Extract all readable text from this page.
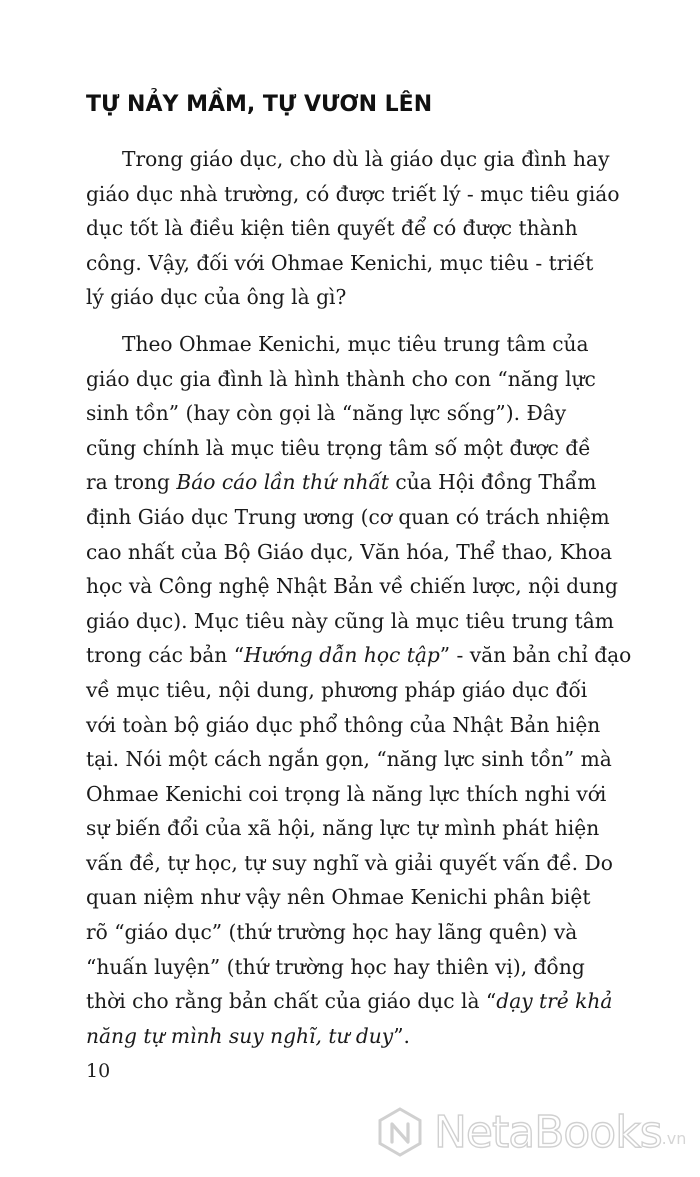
TỰ NẢY MẦM, TỰ VƯƠN LÊN
Trong giáo dục, cho dù là giáo dục gia đình hay
giáo dục nhà trường, có được triết lý - mục tiêu giáo
dục tốt là điều kiện tiên quyết để có được thành
công. Vậy, đối với Ohmae Kenichi, mục tiêu - triết
lý giáo dục của ông là gì?
Theo Ohmae Kenichi, mục tiêu trung tâm của
giáo dục gia đình là hình thành cho con “năng lực
sinh tồn” (hay còn gọi là “năng lực sống”). Đây
cũng chính là mục tiêu trọng tâm số một được đề
ra trong Báo cáo lần thứ nhất của Hội đồng Thẩm
định Giáo dục Trung ương (cơ quan có trách nhiệm
cao nhất của Bộ Giáo dục, Văn hóa, Thể thao, Khoa
học và Công nghệ Nhật Bản về chiến lược, nội dung
giáo dục). Mục tiêu này cũng là mục tiêu trung tâm
trong các bản “Hướng dẫn học tập” - văn bản chỉ đạo
về mục tiêu, nội dung, phương pháp giáo dục đối
với toàn bộ giáo dục phổ thông của Nhật Bản hiện
tại. Nói một cách ngắn gọn, “năng lực sinh tồn” mà
Ohmae Kenichi coi trọng là năng lực thích nghi với
sự biến đổi của xã hội, năng lực tự mình phát hiện
vấn đề, tự học, tự suy nghĩ và giải quyết vấn đề. Do
quan niệm như vậy nên Ohmae Kenichi phân biệt
rõ “giáo dục” (thứ trường học hay lãng quên) và
“huấn luyện” (thứ trường học hay thiên vị), đồng
thời cho rằng bản chất của giáo dục là “dạy trẻ khả
năng tự mình suy nghĩ, tư duy”.
10
NetaBooks .vn
